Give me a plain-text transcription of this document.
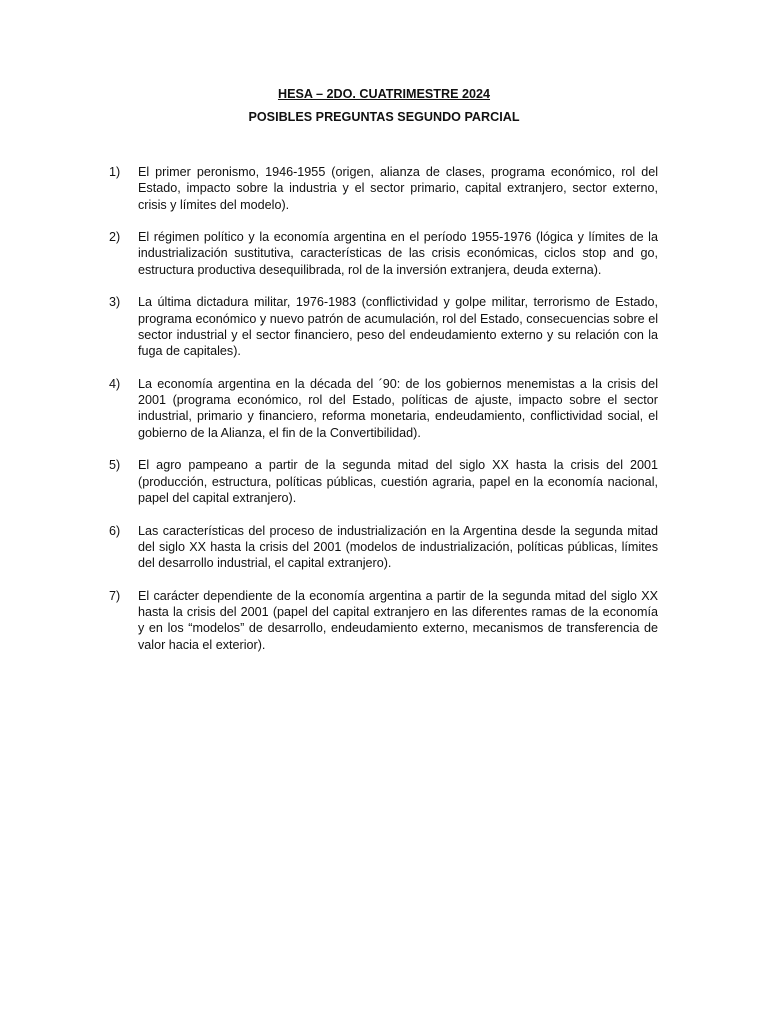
HESA – 2DO. CUATRIMESTRE 2024
POSIBLES PREGUNTAS SEGUNDO PARCIAL
1) El primer peronismo, 1946-1955 (origen, alianza de clases, programa económico, rol del Estado, impacto sobre la industria y el sector primario, capital extranjero, sector externo, crisis y límites del modelo).
2) El régimen político y la economía argentina en el período 1955-1976 (lógica y límites de la industrialización sustitutiva, características de las crisis económicas, ciclos stop and go, estructura productiva desequilibrada, rol de la inversión extranjera, deuda externa).
3) La última dictadura militar, 1976-1983 (conflictividad y golpe militar, terrorismo de Estado, programa económico y nuevo patrón de acumulación, rol del Estado, consecuencias sobre el sector industrial y el sector financiero, peso del endeudamiento externo y su relación con la fuga de capitales).
4) La economía argentina en la década del ´90: de los gobiernos menemistas a la crisis del 2001 (programa económico, rol del Estado, políticas de ajuste, impacto sobre el sector industrial, primario y financiero, reforma monetaria, endeudamiento, conflictividad social, el gobierno de la Alianza, el fin de la Convertibilidad).
5) El agro pampeano a partir de la segunda mitad del siglo XX hasta la crisis del 2001 (producción, estructura, políticas públicas, cuestión agraria, papel en la economía nacional, papel del capital extranjero).
6) Las características del proceso de industrialización en la Argentina desde la segunda mitad del siglo XX hasta la crisis del 2001 (modelos de industrialización, políticas públicas, límites del desarrollo industrial, el capital extranjero).
7) El carácter dependiente de la economía argentina a partir de la segunda mitad del siglo XX hasta la crisis del 2001 (papel del capital extranjero en las diferentes ramas de la economía y en los “modelos” de desarrollo, endeudamiento externo, mecanismos de transferencia de valor hacia el exterior).
